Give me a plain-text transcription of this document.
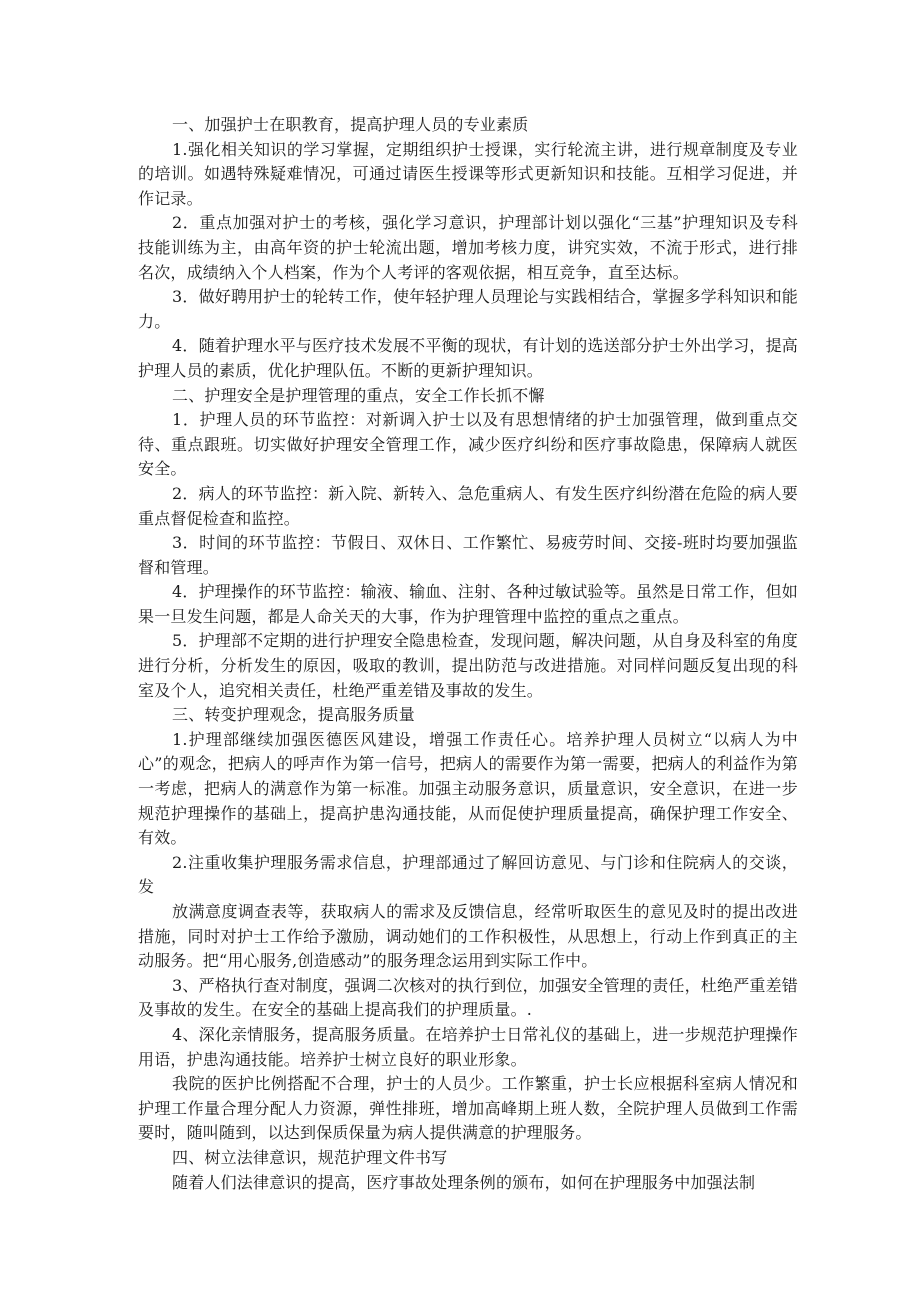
一、加强护士在职教育，提高护理人员的专业素质

1.强化相关知识的学习掌握，定期组织护士授课，实行轮流主讲，进行规章制度及专业的培训。如遇特殊疑难情况，可通过请医生授课等形式更新知识和技能。互相学习促进，并作记录。

2．重点加强对护士的考核，强化学习意识，护理部计划以强化“三基”护理知识及专科技能训练为主，由高年资的护士轮流出题，增加考核力度，讲究实效，不流于形式，进行排名次，成绩纳入个人档案，作为个人考评的客观依据，相互竞争，直至达标。

3．做好聘用护士的轮转工作，使年轻护理人员理论与实践相结合，掌握多学科知识和能力。

4．随着护理水平与医疗技术发展不平衡的现状，有计划的选送部分护士外出学习，提高护理人员的素质，优化护理队伍。不断的更新护理知识。

二、护理安全是护理管理的重点，安全工作长抓不懈

1．护理人员的环节监控：对新调入护士以及有思想情绪的护士加强管理，做到重点交待、重点跟班。切实做好护理安全管理工作，减少医疗纠纷和医疗事故隐患，保障病人就医安全。

2．病人的环节监控：新入院、新转入、急危重病人、有发生医疗纠纷潜在危险的病人要重点督促检查和监控。

3．时间的环节监控：节假日、双休日、工作繁忙、易疲劳时间、交接-班时均要加强监督和管理。

4．护理操作的环节监控：输液、输血、注射、各种过敏试验等。虽然是日常工作，但如果一旦发生问题，都是人命关天的大事，作为护理管理中监控的重点之重点。

5．护理部不定期的进行护理安全隐患检查，发现问题，解决问题，从自身及科室的角度进行分析，分析发生的原因，吸取的教训，提出防范与改进措施。对同样问题反复出现的科室及个人，追究相关责任，杜绝严重差错及事故的发生。

三、转变护理观念，提高服务质量

1.护理部继续加强医德医风建设，增强工作责任心。培养护理人员树立“以病人为中心”的观念，把病人的呼声作为第一信号，把病人的需要作为第一需要，把病人的利益作为第一考虑，把病人的满意作为第一标准。加强主动服务意识，质量意识，安全意识，在进一步规范护理操作的基础上，提高护患沟通技能，从而促使护理质量提高，确保护理工作安全、有效。

2.注重收集护理服务需求信息，护理部通过了解回访意见、与门诊和住院病人的交谈，发

放满意度调查表等，获取病人的需求及反馈信息，经常听取医生的意见及时的提出改进措施，同时对护士工作给予激励，调动她们的工作积极性，从思想上，行动上作到真正的主动服务。把“用心服务,创造感动”的服务理念运用到实际工作中。

3、严格执行查对制度，强调二次核对的执行到位，加强安全管理的责任，杜绝严重差错及事故的发生。在安全的基础上提高我们的护理质量。.

4、深化亲情服务，提高服务质量。在培养护士日常礼仪的基础上，进一步规范护理操作用语，护患沟通技能。培养护士树立良好的职业形象。

我院的医护比例搭配不合理，护士的人员少。工作繁重，护士长应根据科室病人情况和护理工作量合理分配人力资源，弹性排班，增加高峰期上班人数，全院护理人员做到工作需要时，随叫随到，以达到保质保量为病人提供满意的护理服务。

四、树立法律意识，规范护理文件书写

随着人们法律意识的提高，医疗事故处理条例的颁布，如何在护理服务中加强法制
